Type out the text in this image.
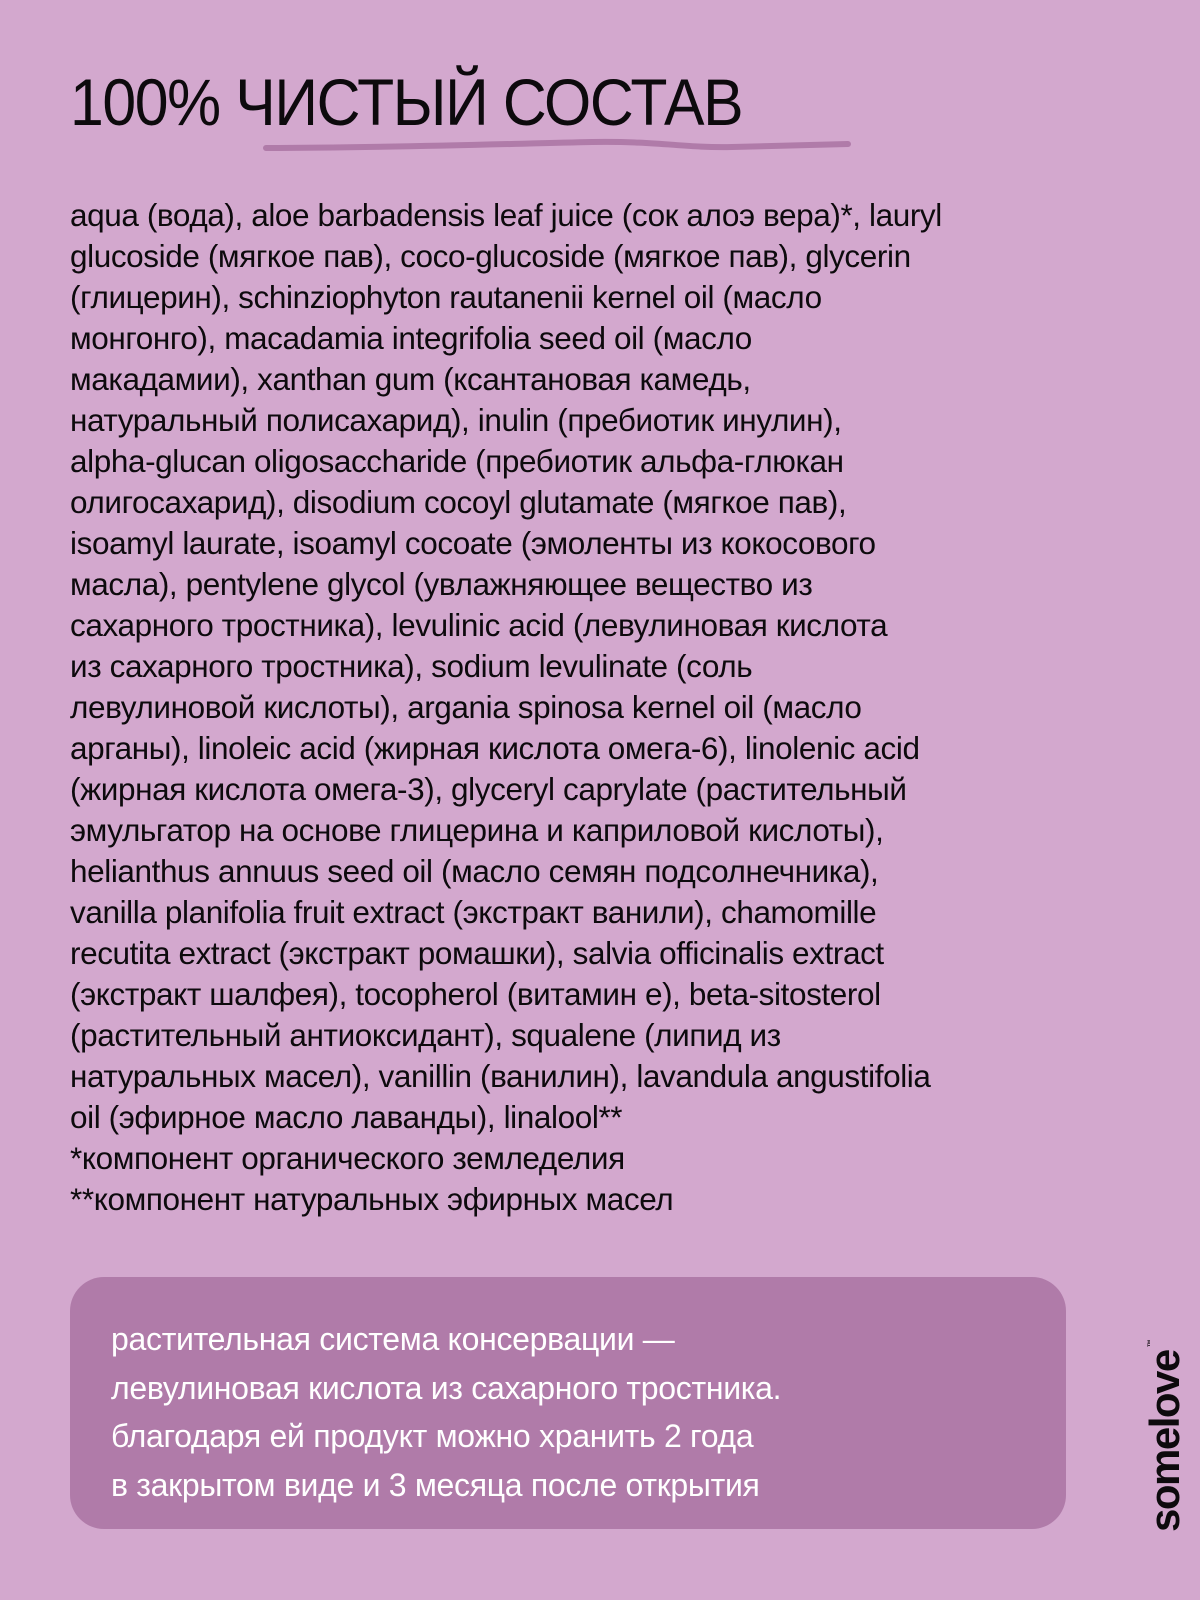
100% ЧИСТЫЙ СОСТАВ
aqua (вода), aloe barbadensis leaf juice (сок алоэ вера)*, lauryl
glucoside (мягкое пав), coco-glucoside (мягкое пав), glycerin
(глицерин), schinziophyton rautanenii kernel oil (масло
монгонго), macadamia integrifolia seed oil (масло
макадамии), xanthan gum (ксантановая камедь,
натуральный полисахарид), inulin (пребиотик инулин),
alpha-glucan oligosaccharide (пребиотик альфа-глюкан
олигосахарид), disodium cocoyl glutamate (мягкое пав),
isoamyl laurate, isoamyl cocoate (эмоленты из кокосового
масла), pentylene glycol (увлажняющее вещество из
сахарного тростника), levulinic acid (левулиновая кислота
из сахарного тростника), sodium levulinate (соль
левулиновой кислоты), argania spinosa kernel oil (масло
арганы), linoleic acid (жирная кислота омега-6), linolenic acid
(жирная кислота омега-3), glyceryl caprylate (растительный
эмульгатор на основе глицерина и каприловой кислоты),
helianthus annuus seed oil (масло семян подсолнечника),
vanilla planifolia fruit extract (экстракт ванили), chamomille
recutita extract (экстракт ромашки), salvia officinalis extract
(экстракт шалфея), tocopherol (витамин е), beta-sitosterol
(растительный антиоксидант), squalene (липид из
натуральных масел), vanillin (ванилин), lavandula angustifolia
oil (эфирное масло лаванды), linalool**
*компонент органического земледелия
**компонент натуральных эфирных масел
растительная система консервации —
левулиновая кислота из сахарного тростника.
благодаря ей продукт можно хранить 2 года
в закрытом виде и 3 месяца после открытия	somelove™
